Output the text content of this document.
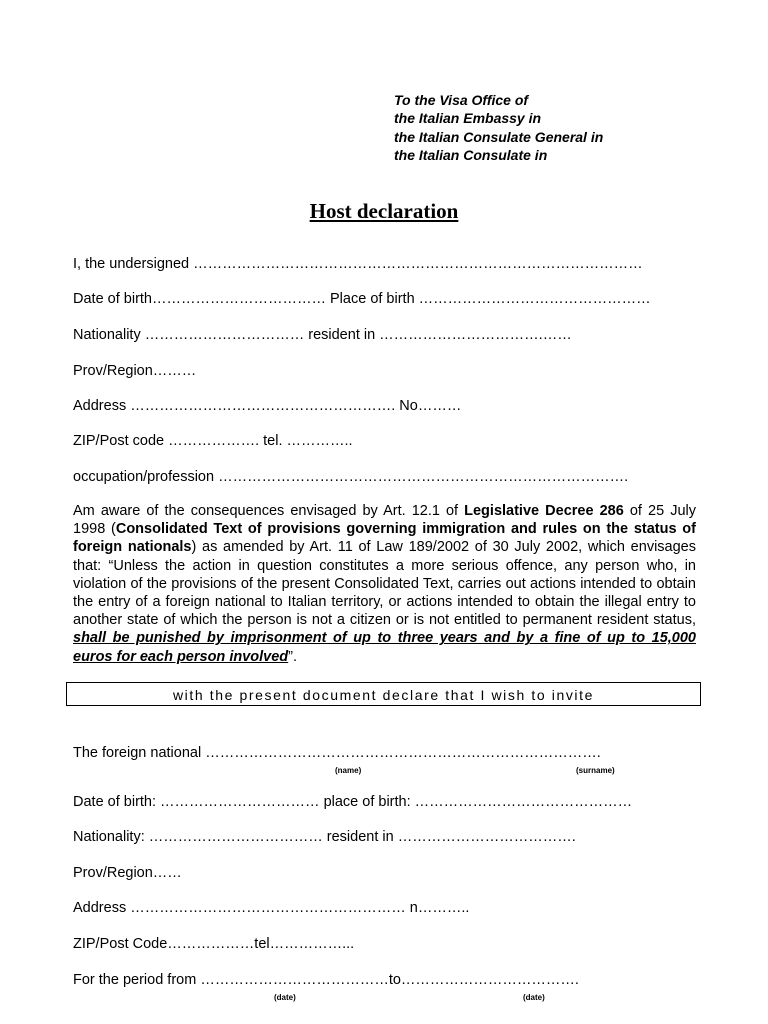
To the Visa Office of
the Italian Embassy in
the Italian Consulate General in
the Italian Consulate in
Host declaration
I, the undersigned …………………………………………………………………………………
Date of birth……………………………… Place of birth …………………………………………
Nationality …………………………… resident in …………………………….……
Prov/Region………
Address ………………………………………………. No………
ZIP/Post code ………………. tel. …………..
occupation/profession ………………………………………………………………………….
Am aware of the consequences envisaged by Art. 12.1 of Legislative Decree 286 of 25 July 1998 (Consolidated Text of provisions governing immigration and rules on the status of foreign nationals) as amended by Art. 11 of Law 189/2002 of 30 July 2002, which envisages that: “Unless the action in question constitutes a more serious offence, any person who, in violation of the provisions of the present Consolidated Text, carries out actions intended to obtain the entry of a foreign national to Italian territory, or actions intended to obtain the illegal entry to another state of which the person is not a citizen or is not entitled to permanent resident status, shall be punished by imprisonment of up to three years and by a fine of up to 15,000 euros for each person involved”.
with the present document declare that I wish to invite
The foreign national ……………………………………………………………………….
(name)	(surname)
Date of birth: …………………………… place of birth: ………………………………………
Nationality: ……………………………… resident in ……………………………….
Prov/Region……
Address ………………………………………………… n………..
ZIP/Post Code………………tel……………...
For the period from …………………………………to……………………………….
(date)	(date)
